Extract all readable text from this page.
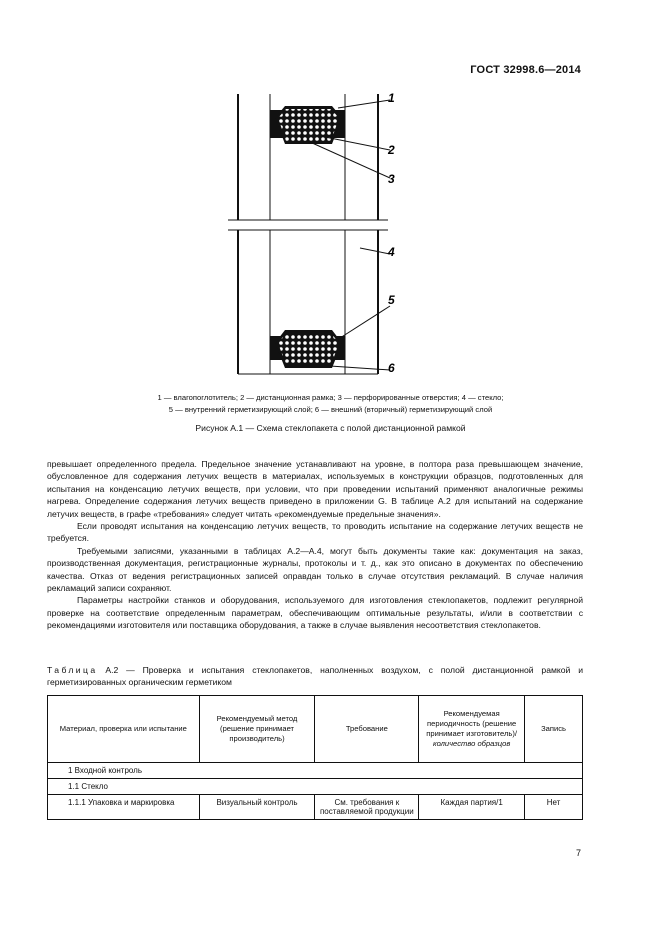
ГОСТ 32998.6—2014
1
2
3
4
5
6
1 — влагопоглотитель; 2 — дистанционная рамка; 3 — перфорированные отверстия; 4 — стекло;
5 — внутренний герметизирующий слой; 6 — внешний (вторичный) герметизирующий слой
Рисунок А.1 — Схема стеклопакета с полой дистанционной рамкой

превышает определенного предела. Предельное значение устанавливают на уровне, в полтора раза превышающем значение, обусловленное для содержания летучих веществ в материалах, используемых в конструкции образцов, подготовленных для испытания на конденсацию летучих веществ, при условии, что при проведении испытаний применяют аналогичные режимы нагрева. Определение содержания летучих веществ приведено в приложении G. В таблице А.2 для испытаний на содержание летучих веществ, в графе «требования» следует читать «рекомендуемые предельные значения».

Если проводят испытания на конденсацию летучих веществ, то проводить испытание на содержание летучих веществ не требуется.

Требуемыми записями, указанными в таблицах А.2—А.4, могут быть документы такие как: документация на заказ, производственная документация, регистрационные журналы, протоколы и т. д., как это описано в документах по обеспечению качества. Отказ от ведения регистрационных записей оправдан только в случае отсутствия рекламаций. В случае наличия рекламаций записи сохраняют.

Параметры настройки станков и оборудования, используемого для изготовления стеклопакетов, подлежит регулярной проверке на соответствие определенным параметрам, обеспечивающим оптимальные результаты, и/или в соответствии с рекомендациями изготовителя или поставщика оборудования, а также в случае выявления несоответствия стеклопакетов.

Таблица А.2 — Проверка и испытания стеклопакетов, наполненных воздухом, с полой дистанционной рамкой и герметизированных органическим герметиком
Материал, проверка или испытание	Рекомендуемый метод (решение принимает производитель)	Требование	Рекомендуемая периодичность (решение принимает изготовитель)/
количество образцов	Запись
1 Входной контроль				
1.1 Стекло				
1.1.1 Упаковка и маркировка	Визуальный контроль	См. требования к поставляемой продукции	Каждая партия/1	Нет
7
